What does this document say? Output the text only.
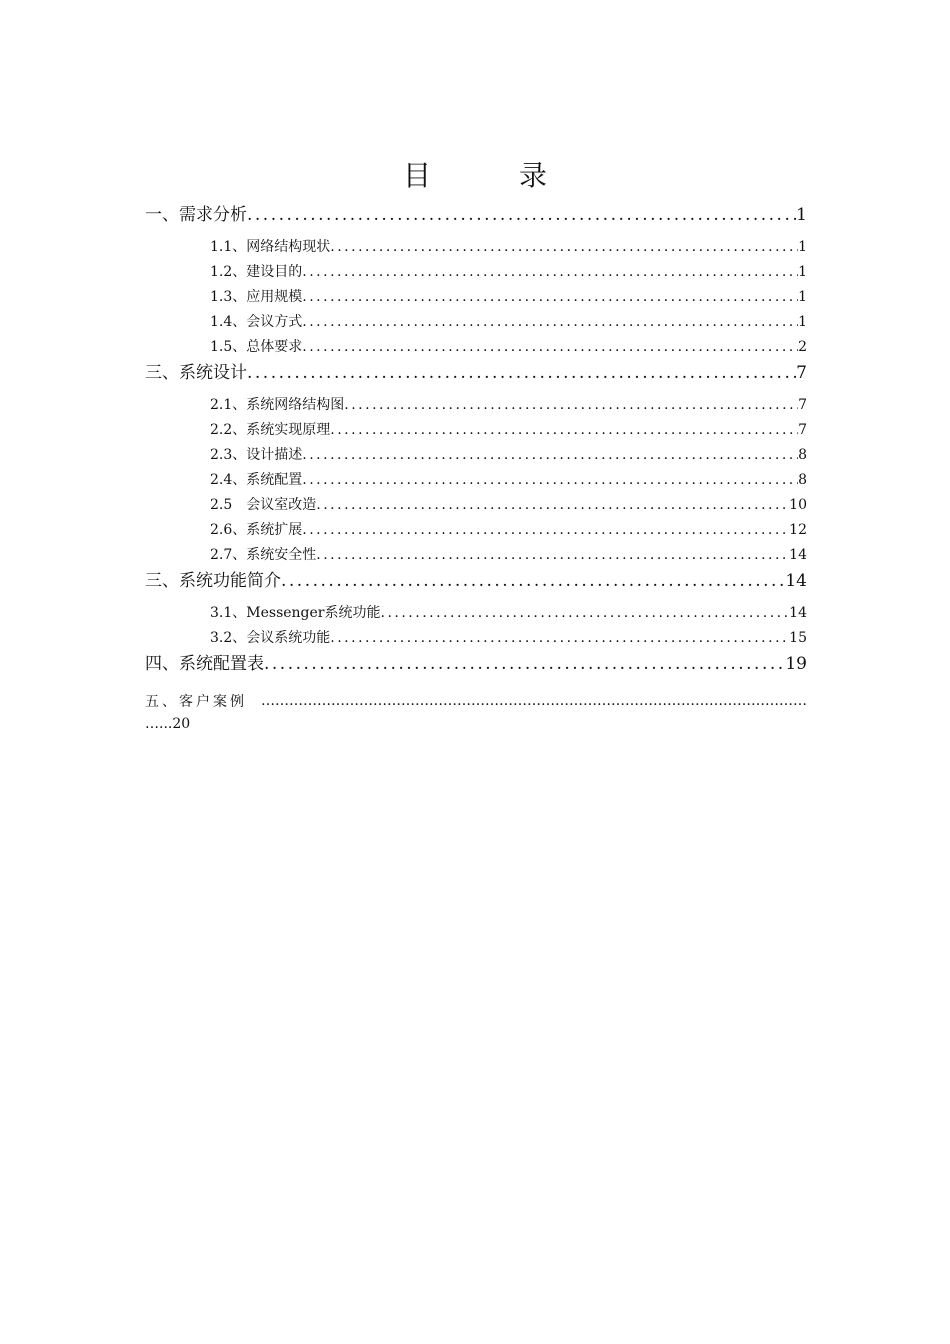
目　录
一、需求分析 .....	1
1.1、网络结构现状 .....	1
1.2、建设目的 .....	1
1.3、应用规模 .....	1
1.4、会议方式 .....	1
1.5、总体要求 .....	2
三、系统设计 .....	7
2.1、系统网络结构图 .....	7
2.2、系统实现原理 .....	7
2.3、设计描述 .....	8
2.4、系统配置 .....	8
2.5　会议室改造 .....	10
2.6、系统扩展 .....	12
2.7、系统安全性 .....	14
三、系统功能简介 .....	14
3.1、Messenger系统功能 .....	14
3.2、会议系统功能 .....	15
四、系统配置表 .....	19
五、客户案例
…………………………………………………………………………………………………………………………………………
…...20
